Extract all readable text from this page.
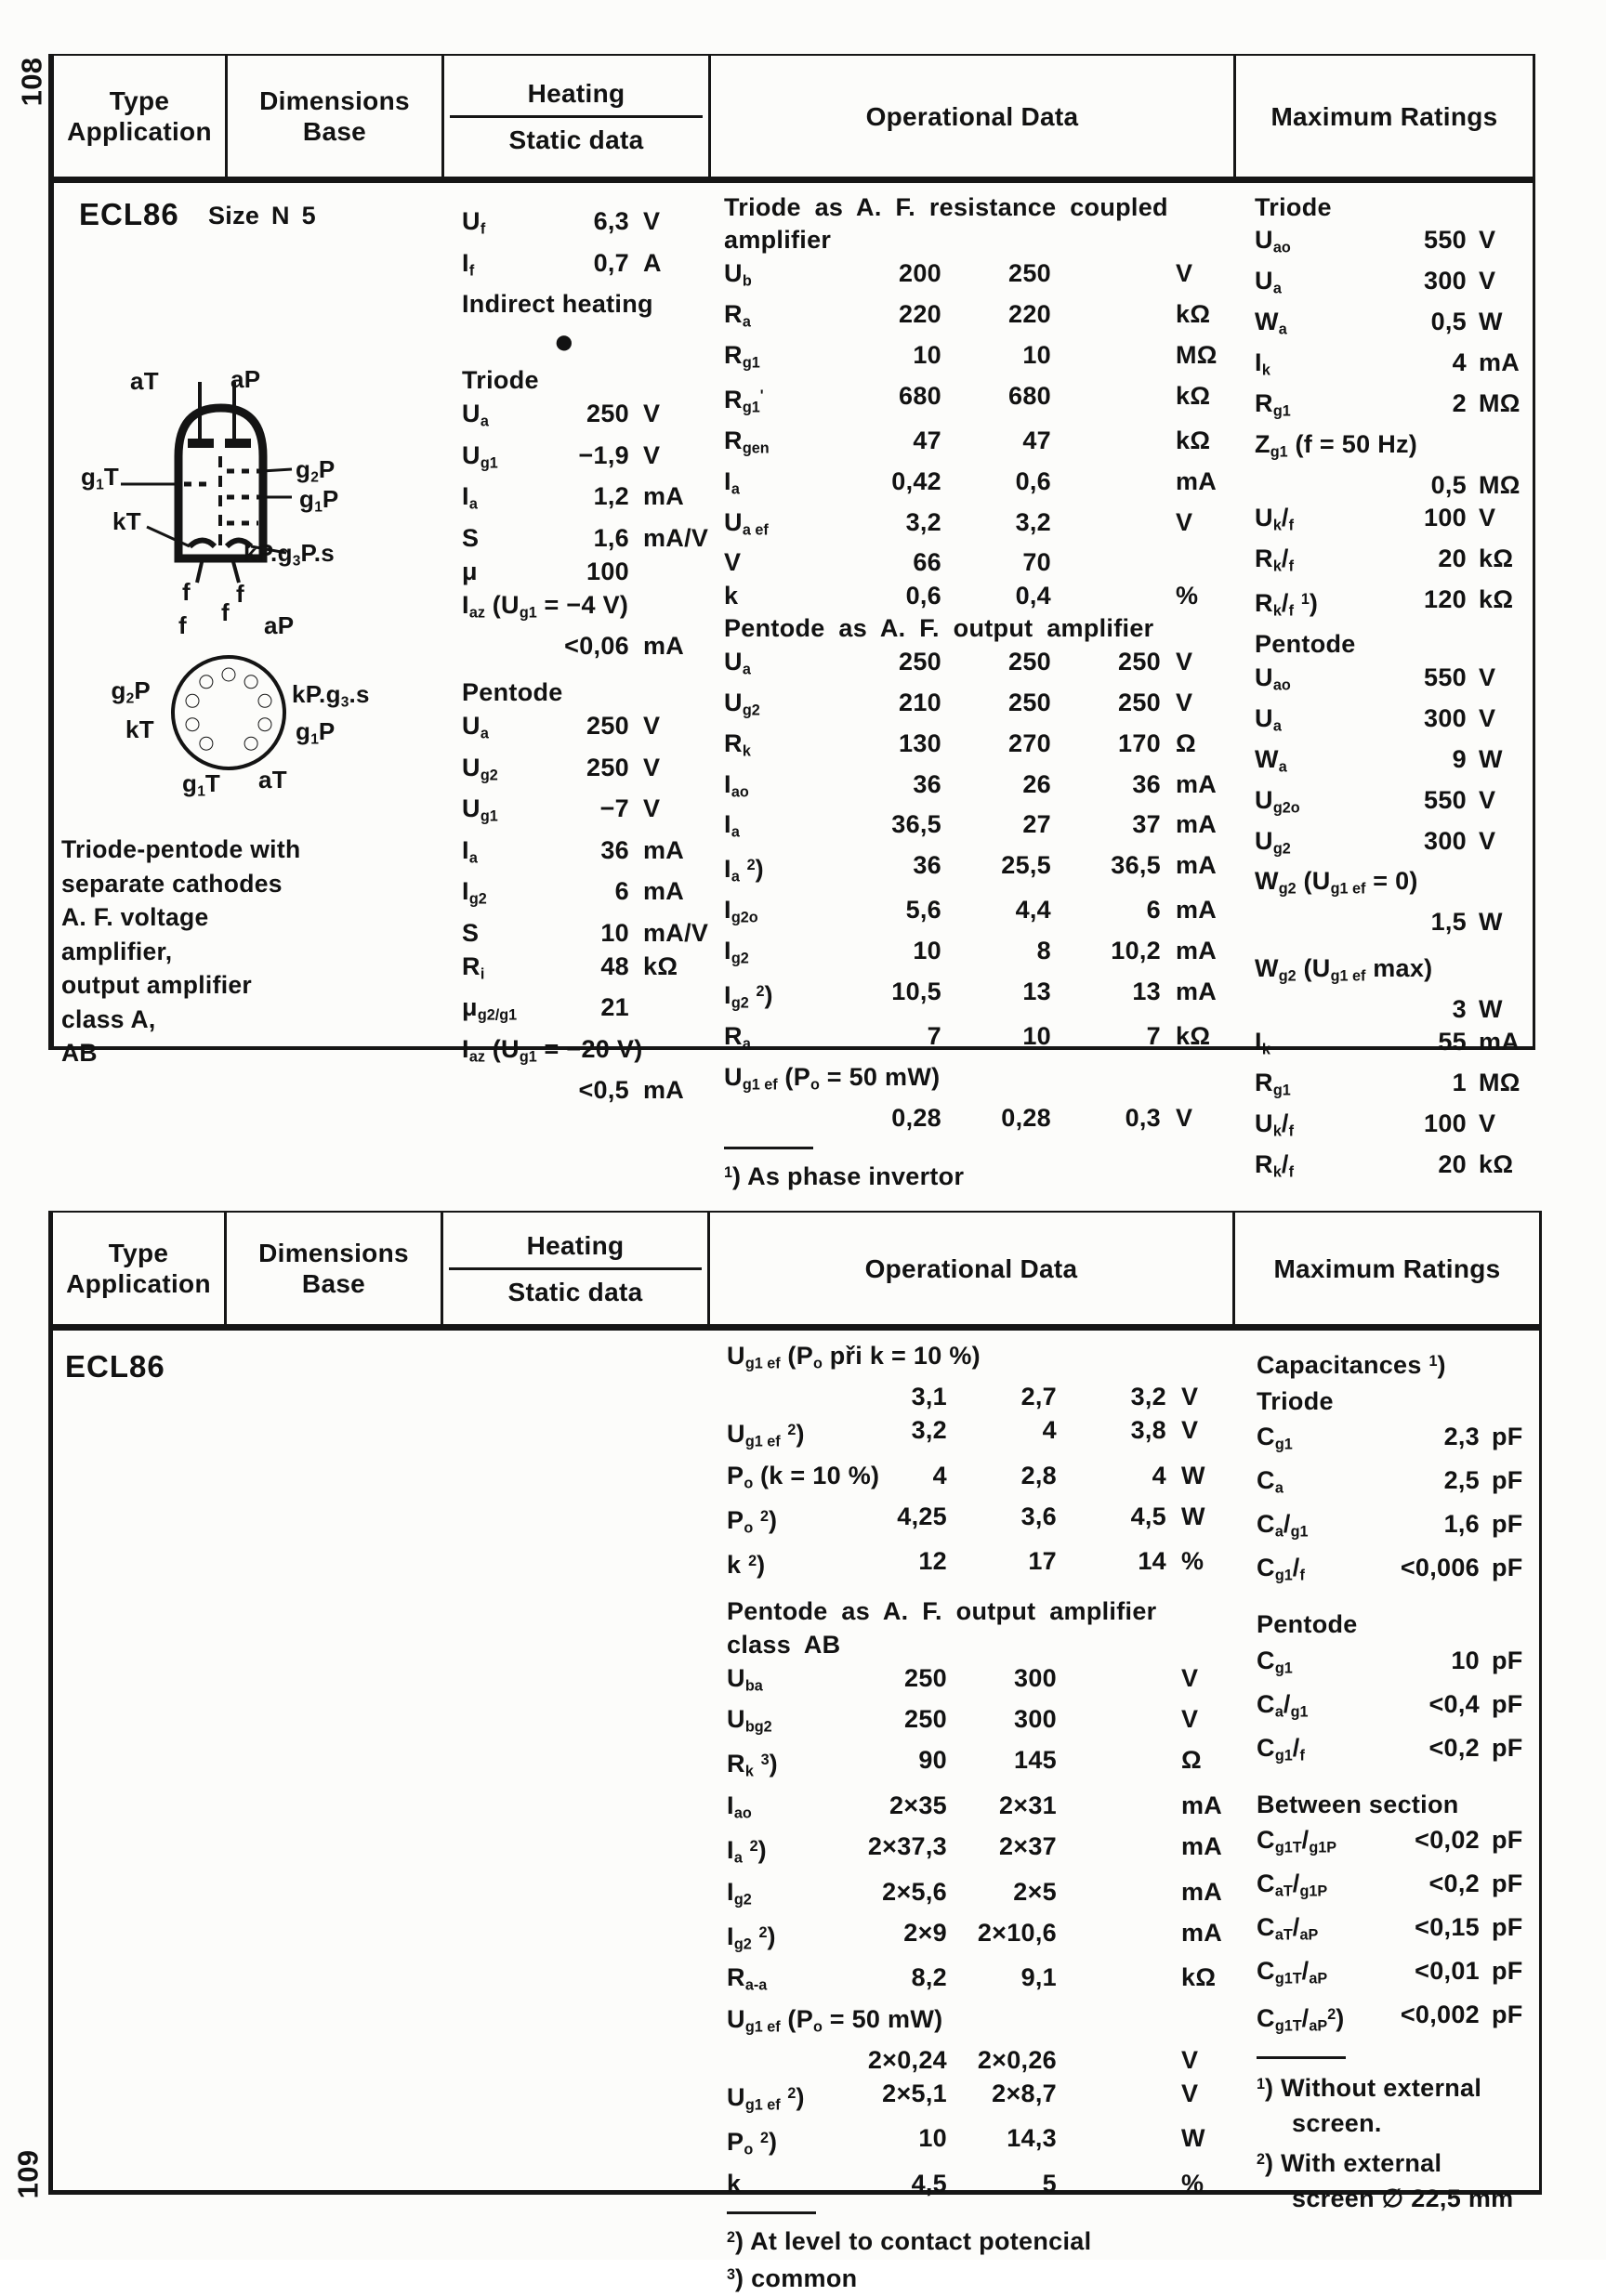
108
109
Type
Application
Dimensions
Base
Heating
Static data
Operational Data	Maximum Ratings
ECL86 Size N 5
aT	aP
$g_1T$	$g_2P$
$g_1P$
kT
$kP.g_3P.s$
f f
f f aP
$kP.g_3.s$
$g_1P$
aT
$g_1T$
kT
$g_2P$
Triode-pentode with
separate cathodes
A. F. voltage amplifier,
output amplifier class A,
AB
$U_f$	6,3 V
$I_f$	0,7 A
Indirect heating
●
Triode
$U_a$	250 V
$U_{g1}$	−1,9 V
$I_a$	1,2 mA
S	1,6 mA/V
μ	100
$I_{az}$ ($U_{g1} = -4$ V)
<0,06 mA
Pentode
$U_a$	250 V
$U_{g2}$	250 V
$U_{g1}$	−7 V
$I_a$	36 mA
$I_{g2}$	6 mA
S	10 mA/V
$R_i$	48 kΩ
$\mu_{g2/g1}$	21
$I_{az}$ ($U_{g1} = -20$ V)
<0,5 mA
Triode as A. F. resistance coupled
amplifier
$U_b$	200	250	V
$R_a$	220	220	kΩ
$R_{g1}$	10	10	MΩ
$R_{g1}'$	680	680	kΩ
$R_{gen}$	47	47	kΩ
$I_a$	0,42	0,6	mA
$U_{a ef}$	3,2	3,2	V
V	66	70
k	0,6	0,4	%
Pentode as A. F. output amplifier
$U_a$	250	250	250 V
$U_{g2}$	210	250	250 V
$R_k$	130	270	170 Ω
$I_{ao}$	36	26	36 mA
$I_a$	36,5	27	37 mA
$I_a$ $^2$)	36	25,5	36,5 mA
$I_{g2o}$	5,6	4,4	6 mA
$I_{g2}$	10	8	10,2 mA
$I_{g2}$ $^2$)	10,5	13	13 mA
$R_a$	7	10	7 kΩ
$U_{g1 ef}$ ($P_o = 50$ mW)
0,28	0,28	0,3 V
$^1$) As phase invertor
Triode
$U_{ao}$	550 V
$U_a$	300 V
$W_a$	0,5 W
$I_k$	4 mA
$R_{g1}$	2 MΩ
$Z_{g1}$ (f = 50 Hz)
0,5 MΩ
$U_k/_f$	100 V
$R_k/_f$	20 kΩ
$R_k/_f$ $^1$)	120 kΩ
Pentode
$U_{ao}$	550 V
$U_a$	300 V
$W_a$	9 W
$U_{g2o}$	550 V
$U_{g2}$	300 V
$W_{g2}$ $(U_{g1 ef} = 0)$
1,5 W
$W_{g2}$ ($U_{g1 ef}$ max)
3 W
$I_k$	55 mA
$R_{g1}$	1 MΩ
$U_k/_f$	100 V
$R_k/_f$	20 kΩ
Type
Application
Dimensions
Base
Heating
Static data
Operational Data	Maximum Ratings
ECL86	$U_{g1 ef}$ ($P_o$ při k = 10 %)
3,1	2,7	3,2 V
$U_{g1 ef}$ $^2$)	3,2	4	3,8 V
$P_o$ (k = 10 %)	4	2,8	4 W
$P_o$ $^2$)	4,25	3,6	4,5 W
k $^2$)	12	17	14 %
Pentode as A. F. output amplifier
class AB
$U_{ba}$	250	300	V
$U_{bg2}$	250	300	V
$R_k$ $^3$)	90	145	Ω
$I_{ao}$	2×35	2×31	mA
$I_a$ $^2$)	2×37,3	2×37	mA
$I_{g2}$	2×5,6	2×5	mA
$I_{g2}$ $^2$)	2×9	2×10,6	mA
$R_{a-a}$	8,2	9,1	kΩ
$U_{g1 ef}$ ($P_o = 50$ mW)
2×0,24	2×0,26	V
$U_{g1 ef}$ $^2$)	2×5,1	2×8,7	V
$P_o$ $^2$)	10	14,3	W
k	4,5	5	%
$^2$) At level to contact potencial
$^3$) common
Capacitances $^1$)
Triode
$C_{g1}$	2,3 pF
$C_a$	2,5 pF
$C_a/_{g1}$	1,6 pF
$C_{g1}/_f$	<0,006 pF
Pentode
$C_{g1}$	10 pF
$C_a/_{g1}$	<0,4 pF
$C_{g1}/_f$	<0,2 pF
Between section
$C_{g1T}/_{g1P}$	<0,02 pF
$C_{aT}/_{g1P}$	<0,2 pF
$C_{aT}/_{aP}$	<0,15 pF
$C_{g1T}/_{aP}$	<0,01 pF
$C_{g1T}/_{aP}^2$)	<0,002 pF
$^1$) Without external
screen.
$^2$) With external
screen ∅ 22,5 mm
